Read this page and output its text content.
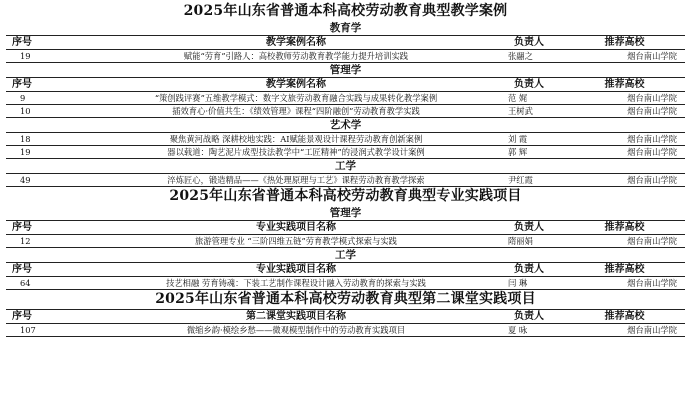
2025年山东省普通本科高校劳动教育典型教学案例
教育学
序号	教学案例名称	负责人	推荐高校
19	赋能“劳育”引路人：高校教师劳动教育教学能力提升培训实践	张翮之	烟台南山学院
管理学
序号	教学案例名称	负责人	推荐高校
9	“策创践评赛”五维教学模式：数字文旅劳动教育融合实践与成果转化教学案例	范 娓	烟台南山学院
10	插效育心·价值共生：《绩效管理》课程“四阶融创”劳动教育教学实践	王树武	烟台南山学院
艺术学
18	聚焦黄河战略 深耕校地实践：AI赋能景观设计课程劳动教育创新案例	刘 霞	烟台南山学院
19	器以载道：陶艺泥片成型技法教学中“工匠精神”的浸润式教学设计案例	郭 辉	烟台南山学院
工学
49	淬炼匠心，锻造精品——《热处理原理与工艺》课程劳动教育教学探索	尹红霞	烟台南山学院
2025年山东省普通本科高校劳动教育典型专业实践项目
管理学
序号	专业实践项目名称	负责人	推荐高校
12	旅游管理专业 “三阶四维五链”劳育教学模式探索与实践	隋丽娟	烟台南山学院
工学
序号	专业实践项目名称	负责人	推荐高校
64	技艺相融 劳育铸魂：下装工艺制作课程设计融入劳动教育的探索与实践	闫 琳	烟台南山学院
2025年山东省普通本科高校劳动教育典型第二课堂实践项目
序号	第二课堂实践项目名称	负责人	推荐高校
107	微缩乡韵·模绘乡愁——微观模型制作中的劳动教育实践项目	夏 咏	烟台南山学院
